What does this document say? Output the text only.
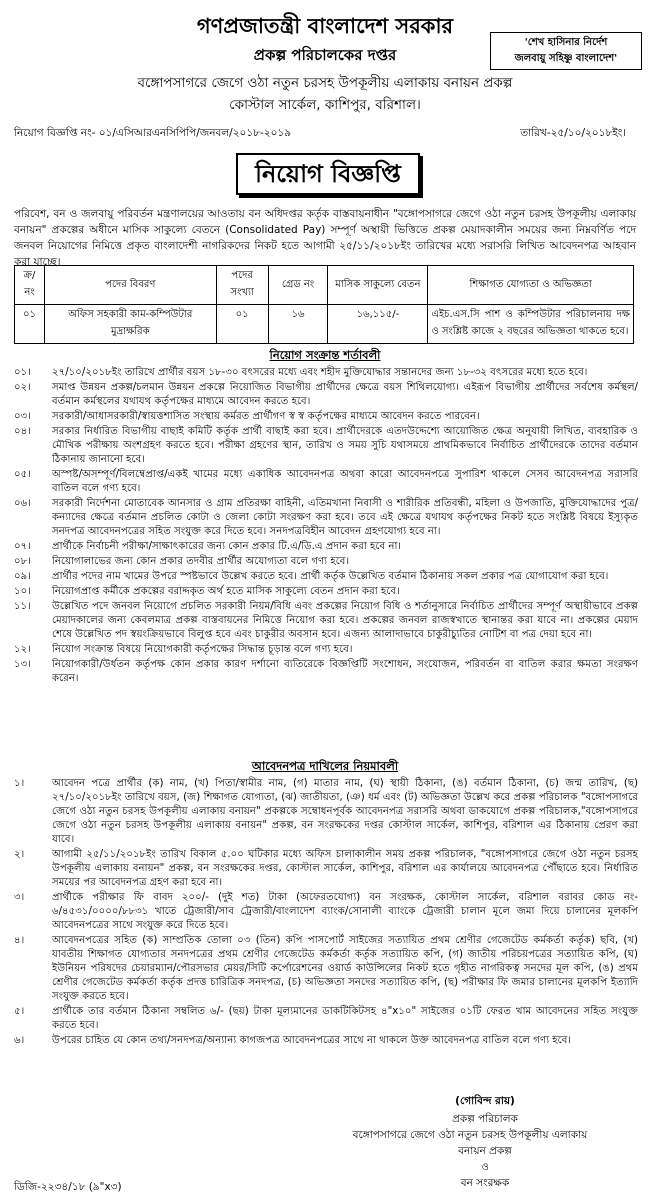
গণপ্রজাতন্ত্রী বাংলাদেশ সরকার
'শেখ হাসিনার নির্দেশ
জলবায়ু সহিষ্ণু বাংলাদেশ'
প্রকল্প পরিচালকের দপ্তর
বঙ্গোপসাগরে জেগে ওঠা নতুন চরসহ উপকূলীয় এলাকায় বনায়ন প্রকল্প
কোস্টাল সার্কেল, কাশিপুর, বরিশাল।
নিয়োগ বিজ্ঞপ্তি নং- ০১/এসিআরএনসিপিপি/জনবল/২০১৮-২০১৯	তারিখ-২৫/১০/২০১৮ইং।
নিয়োগ বিজ্ঞপ্তি
পরিবেশ, বন ও জলবায়ু পরিবর্তন মন্ত্রণালয়ের আওতায় বন অধিদপ্তর কর্তৃক বাস্তবায়নাধীন "বঙ্গোপসাগরে জেগে ওঠা নতুন চরসহ উপকূলীয় এলাকায় বনায়ন" প্রকল্পের অধীনে মাসিক সাকুল্যে বেতনে (Consolidated Pay) সম্পূর্ণ অস্থায়ী ভিত্তিতে প্রকল্প মেয়াদকালীন সময়ের জন্য নিম্নবর্ণিত পদে জনবল নিয়োগের নিমিত্তে প্রকৃত বাংলাদেশী নাগরিকদের নিকট হতে আগামী ২৫/১১/২০১৮ইং তারিখের মধ্যে সরাসরি লিখিত আবেদনপত্র আহবান করা যাচ্ছে।
ক্র/ নং	পদের বিবরণ	পদের সংখ্যা	গ্রেড নং	মাসিক সাকুল্যে বেতন	শিক্ষাগত যোগ্যতা ও অভিজ্ঞতা
০১	অফিস সহকারী কাম-কম্পিউটার মুদ্রাক্ষরিক	০১	১৬	১৬,১১৫/-	এইচ.এস.সি পাশ ও কম্পিউটার পরিচালনায় দক্ষ ও সংশ্লিষ্ট কাজে ২ বছরের অভিজ্ঞতা থাকতে হবে।
নিয়োগ সংক্রান্ত শর্তাবলী
০১।	২৭/১০/২০১৮ইং তারিখে প্রার্থীর বয়স ১৮-৩০ বৎসরের মধ্যে এবং শহীদ মুক্তিযোদ্ধার সন্তানদের জন্য ১৮-৩২ বৎসরের মধ্যে হতে হবে।
০২।	সমাপ্ত উন্নয়ন প্রকল্প/চলমান উন্নয়ন প্রকল্পে নিয়োজিত বিভাগীয় প্রার্থীদের ক্ষেত্রে বয়স শিথিলযোগ্য। এইরূপ বিভাগীয় প্রার্থীদের সর্বশেষ কর্মস্থল/বর্তমান কর্মস্থলের যথাযথ কর্তৃপক্ষের মাধ্যমে আবেদন করতে হবে।
০৩।	সরকারী/আধাসরকারী/স্বায়ত্তশাসিত সংস্থায় কর্মরত প্রার্থীগণ স্ব স্ব কর্তৃপক্ষের মাধ্যমে আবেদন করতে পারবেন।
০৪।	সরকার নির্ধারিত বিভাগীয় বাছাই কমিটি কর্তৃক প্রার্থী বাছাই করা হবে। প্রার্থীদেরকে এতদউদ্দেশ্যে আয়োজিত ক্ষেত্র অনুযায়ী লিখিত, ব্যবহারিক ও মৌখিক পরীক্ষায় অংশগ্রহণ করতে হবে। পরীক্ষা গ্রহণের স্থান, তারিখ ও সময় সুচি যথাসময়ে প্রাথমিকভাবে নির্বাচিত প্রার্থীদেরকে তাদের বর্তমান ঠিকানায় জানানো হবে।
০৫।	অস্পষ্ট/অসম্পূর্ণ/বিলম্বেপ্রাপ্ত/একই খামের মধ্যে একাধিক আবেদনপত্র অথবা কারো আবেদনপত্রে সুপারিশ থাকলে সেসব আবেদনপত্র সরাসরি বাতিল বলে গণ্য হবে।
০৬।	সরকারী নির্দেশনা মোতাবেক আনসার ও গ্রাম প্রতিরক্ষা বাহিনী, এতিমখানা নিবাসী ও শারীরিক প্রতিবন্ধী, মহিলা ও উপজাতি, মুক্তিযোদ্ধাদের পুত্র/কন্যাদের ক্ষেত্রে বর্তমান প্রচলিত কোটা ও জেলা কোটা সংরক্ষণ করা হবে। তবে এই ক্ষেত্রে যথাযথ কর্তৃপক্ষের নিকট হতে সংশ্লিষ্ট বিষয়ে ইস্যুকৃত সনদপত্র আবেদনপত্রের সহিত সংযুক্ত করে দিতে হবে। সনদপত্রবিহীন আবেদন গ্রহণযোগ্য হবে না।
০৭।	প্রার্থীকে নির্বাচনী পরীক্ষা/সাক্ষাৎকারের জন্য কোন প্রকার টি.এ/ডি.এ প্রদান করা হবে না।
০৮।	নিয়োগালাভের জন্য কোন প্রকার তদবীর প্রার্থীর অযোগ্যতা বলে গণ্য হবে।
০৯।	প্রার্থীর পদের নাম খামের উপরে স্পষ্টভাবে উল্লেখ করতে হবে। প্রার্থী কর্তৃক উল্লেখিত বর্তমান ঠিকানায় সকল প্রকার পত্র যোগাযোগ করা হবে।
১০।	নিয়োগপ্রাপ্ত কর্মীকে প্রকল্পের বরাদ্দকৃত অর্থ হতে মাসিক সাকুল্যে বেতন প্রদান করা হবে।
১১।	উল্লেখিত পদে জনবল নিয়োগে প্রচলিত সরকারী নিয়ম/বিধি এবং প্রকল্পের নিয়োগ বিধি ও শর্তানুসারে নির্বাচিত প্রার্থীদের সম্পূর্ণ অস্থায়ীভাবে প্রকল্প মেয়াদকালের জন্য কেবলমাত্র প্রকল্প বাস্তবায়নের নিমিত্তে নিয়োগ করা হবে। প্রকল্পের জনবল রাজস্বখাতে স্থানান্তর করা যাবে না। প্রকল্পের মেয়াদ শেষে উল্লেখিত পদ স্বয়ংক্রিয়ভাবে বিলুপ্ত হবে এবং চাকুরীর অবসান হবে। এজন্য আলাদাভাবে চাকুরীচ্যুতির নোটিশ বা পত্র দেয়া হবে না।
১২।	নিয়োগ সংক্রান্ত বিষয়ে নিয়োগকারী কর্তৃপক্ষের সিদ্ধান্ত চূড়ান্ত বলে গণ্য হবে।
১৩।	নিয়োগকারী/উর্ধতন কর্তৃপক্ষ কোন প্রকার কারণ দর্শানো ব্যতিরেকে বিজ্ঞপ্তিটি সংশোধন, সংযোজন, পরিবর্তন বা বাতিল করার ক্ষমতা সংরক্ষণ করেন।
আবেদনপত্র দাখিলের নিয়মাবলী
১।	আবেদন পত্রে প্রার্থীর (ক) নাম, (খ) পিতা/স্বামীর নাম, (গ) মাতার নাম, (ঘ) স্থায়ী ঠিকানা, (ঙ) বর্তমান ঠিকানা, (চ) জন্ম তারিখ, (ছ) ২৭/১০/২০১৮ইং তারিখে বয়স, (জ) শিক্ষাগত যোগ্যতা, (ঝ) জাতীয়তা, (ঞ) ধর্ম এবং (ট) অভিজ্ঞতা উল্লেখ করে প্রকল্প পরিচালক "বঙ্গোপসাগরে জেগে ওঠা নতুন চরসহ উপকূলীয় এলাকায় বনায়ন" প্রকল্পকে সম্বোধনপূর্বক আবেদনপত্র সরাসরি অথবা ডাকযোগে প্রকল্প পরিচালক,"বঙ্গোপসাগরে জেগে ওঠা নতুন চরসহ উপকূলীয় এলাকায় বনায়ন" প্রকল্প, বন সংরক্ষকের দপ্তর কোস্টাল সার্কেল, কাশিপুর, বরিশাল এর ঠিকানায় প্রেরণ করা যাবে।
২।	আগামী ২৫/১১/২০১৮ইং তারিখ বিকাল ৫.০০ ঘটিকার মধ্যে অফিস চালাকালীন সময় প্রকল্প পরিচালক, "বঙ্গোপসাগরে জেগে ওঠা নতুন চরসহ উপকূলীয় এলাকায় বনায়ন" প্রকল্প, বন সংরক্ষকের দপ্তর, কোস্টাল সার্কেল, কাশিপুর, বরিশাল এর কার্যালয়ে আবেদনপত্র পৌঁছাতে হবে। নির্ধারিত সময়ের পর আবেদনপত্র গ্রহণ করা হবে না।
৩।	প্রার্থীকে পরীক্ষার ফি বাবদ ২০০/- (দুই শত) টাকা (অফেরতযোগ্য) বন সংরক্ষক, কোস্টাল সার্কেল, বরিশাল বরাবর কোড নং- ৬/৪৫৩১/০০০০/৮৮৩১ খাতে ট্রেজারী/সাব ট্রেজারী/বাংলাদেশ ব্যাংক/সোনালী ব্যাংকে ট্রেজারী চালান মূলে জমা দিয়ে চালানের মূলকপি আবেদনপত্রের সাথে সংযুক্ত করে দিতে হবে।
৪।	আবেদনপত্রের সহিত (ক) সাম্প্রতিক তোলা ০৩ (তিন) কপি পাসপোর্ট সাইজের সত্যায়িত প্রথম শ্রেণীর গেজেটেড কর্মকর্তা কর্তৃক) ছবি, (খ) যাবতীয় শিক্ষাগত যোগ্যতার সনদপত্রের প্রথম শ্রেণীর গেজেটেড কর্মকর্তা কর্তৃক সত্যায়িত কপি, (গ) জাতীয় পরিচয়পত্রের সত্যায়িত কপি, (ঘ) ইউনিয়ন পরিষদের চেয়ারম্যান/পৌরসভার মেয়র/সিটি কর্পোরেশনের ওয়ার্ড কাউন্সিলের নিকট হতে গৃহীত নাগরিকত্ব সনদের মূল কপি, (ঙ) প্রথম শ্রেণীর গেজেটেড কর্মকর্তা কর্তৃক প্রদত্ত চারিত্রিক সনদপত্র, (চ) অভিজ্ঞতা সনদের সত্যায়িত কপি, (ছ) পরীক্ষার ফি জমার চালানের মূলকপি ইত্যাদি সংযুক্ত করতে হবে।
৫।	প্রার্থীকে তার বর্তমান ঠিকানা সম্বলিত ৬/- (ছয়) টাকা মূল্যমানের ডাকটিকিটসহ ৪"x১০" সাইজের ০১টি ফেরত খাম আবেদনের সহিত সংযুক্ত করতে হবে।
৬।	উপরের চাহিত যে কোন তথ্য/সনদপত্র/অন্যান্য কাগজপত্র আবেদনপত্রের সাথে না থাকলে উক্ত আবেদনপত্র বাতিল বলে গণ্য হবে।
(গোবিন্দ রায়)
প্রকল্প পরিচালক
বঙ্গোপসাগরে জেগে ওঠা নতুন চরসহ উপকূলীয় এলাকায়
বনায়ন প্রকল্প
ও
বন সংরক্ষক
ডিজি-২২৩৪/১৮ (৯"x৩)
